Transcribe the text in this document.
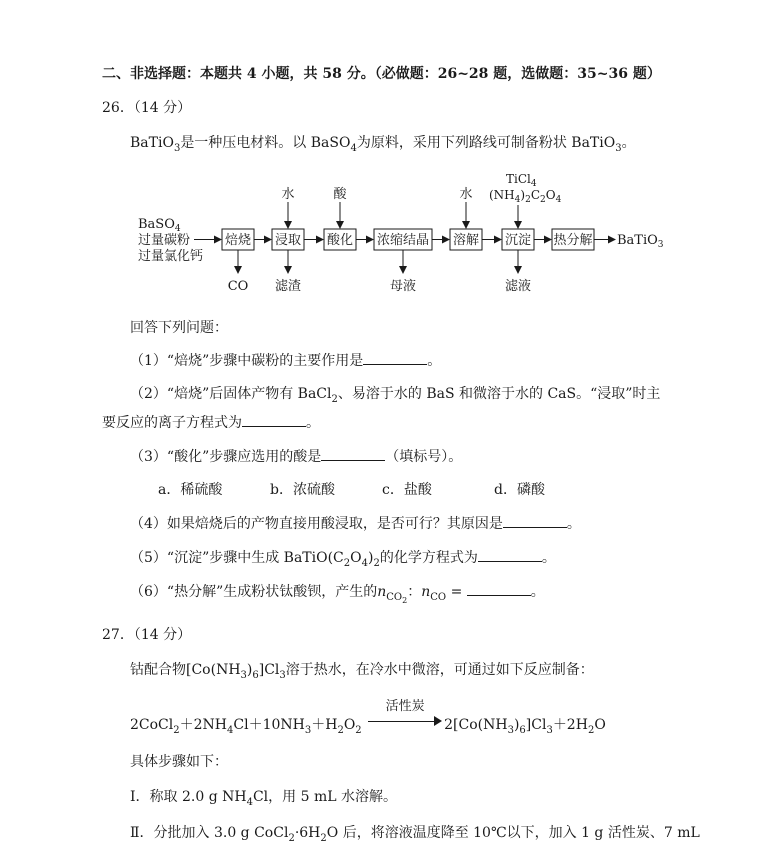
二、非选择题：本题共 4 小题，共 58 分。（必做题：26~28 题，选做题：35~36 题）
26．（14 分）
BaTiO$_3$是一种压电材料。以 BaSO$_4$为原料，采用下列路线可制备粉状 BaTiO$_3$。
BaSO$_4$
过量碳粉
过量氯化钙
焙烧 浸取 酸化 浓缩结晶 溶解 沉淀 热分解
水	酸	水
TiCl$_4$
$(NH_4)_2C_2O_4$
CO 滤渣	母液	滤液
BaTiO$_3$
回答下列问题：
（1）“焙烧”步骤中碳粉的主要作用是	。
（2）“焙烧”后固体产物有 BaCl$_2$、易溶于水的 BaS 和微溶于水的 CaS。“浸取”时主
要反应的离子方程式为	。
（3）“酸化”步骤应选用的酸是	（填标号）。
a．稀硫酸	b．浓硫酸	c．盐酸	d．磷酸
（4）如果焙烧后的产物直接用酸浸取，是否可行？其原因是	。
（5）“沉淀”步骤中生成 $BaTiO(C_2O_4)_2$的化学方程式为	。
（6）“热分解”生成粉状钛酸钡，产生的$n_{CO_2}$：$n_{CO}$ =	。
27．（14 分）
钴配合物$[Co(NH_3)_6]Cl_3$溶于热水，在冷水中微溶，可通过如下反应制备：
$2CoCl_2+2NH_4Cl+10NH_3+H_2O_2$
活性炭
$2[Co(NH_3)_6]Cl_3+2H_2O$
具体步骤如下：
Ⅰ．称取 2.0 g $NH_4Cl$，用 5 mL 水溶解。
Ⅱ．分批加入 3.0 g $CoCl_2\cdot 6H_2O$ 后，将溶液温度降至 10℃以下，加入 1 g 活性炭、7 mL
